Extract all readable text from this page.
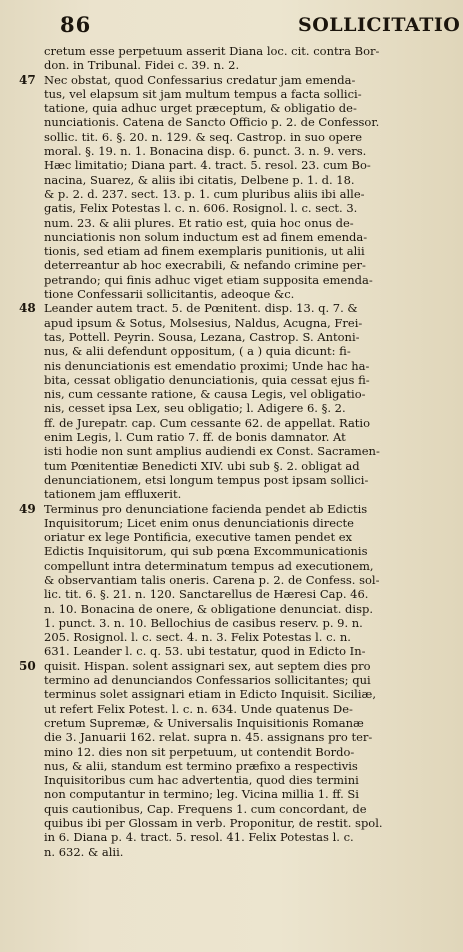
86	SOLLICITATIO
cretum esse perpetuum asserit Diana loc. cit. contra Bor-
don. in Tribunal. Fidei c. 39. n. 2.
47 Nec obstat, quod Confessarius credatur jam emenda-
tus, vel elapsum sit jam multum tempus a facta sollici-
tatione, quia adhuc urget præceptum, & obligatio de-
nunciationis. Catena de Sancto Officio p. 2. de Confessor.
sollic. tit. 6. §. 20. n. 129. & seq. Castrop. in suo opere
moral. §. 19. n. 1. Bonacina disp. 6. punct. 3. n. 9. vers.
Hæc limitatio; Diana part. 4. tract. 5. resol. 23. cum Bo-
nacina, Suarez, & aliis ibi citatis, Delbene p. 1. d. 18.
& p. 2. d. 237. sect. 13. p. 1. cum pluribus aliis ibi alle-
gatis, Felix Potestas l. c. n. 606. Rosignol. l. c. sect. 3.
num. 23. & alii plures. Et ratio est, quia hoc onus de-
nunciationis non solum inductum est ad finem emenda-
tionis, sed etiam ad finem exemplaris punitionis, ut alii
deterreantur ab hoc execrabili, & nefando crimine per-
petrando; qui finis adhuc viget etiam supposita emenda-
tione Confessarii sollicitantis, adeoque &c.
48 Leander autem tract. 5. de Pœnitent. disp. 13. q. 7. &
apud ipsum & Sotus, Molsesius, Naldus, Acugna, Frei-
tas, Pottell. Peyrin. Sousa, Lezana, Castrop. S. Antoni-
nus, & alii defendunt oppositum, ( a ) quia dicunt: fi-
nis denunciationis est emendatio proximi; Unde hac ha-
bita, cessat obligatio denunciationis, quia cessat ejus fi-
nis, cum cessante ratione, & causa Legis, vel obligatio-
nis, cesset ipsa Lex, seu obligatio; l. Adigere 6. §. 2.
ff. de Jurepatr. cap. Cum cessante 62. de appellat. Ratio
enim Legis, l. Cum ratio 7. ff. de bonis damnator. At
isti hodie non sunt amplius audiendi ex Const. Sacramen-
tum Pœnitentiæ Benedicti XIV. ubi sub §. 2. obligat ad
denunciationem, etsi longum tempus post ipsam sollici-
tationem jam effluxerit.
49 Terminus pro denunciatione facienda pendet ab Edictis
Inquisitorum; Licet enim onus denunciationis directe
oriatur ex lege Pontificia, executive tamen pendet ex
Edictis Inquisitorum, qui sub pœna Excommunicationis
compellunt intra determinatum tempus ad executionem,
& observantiam talis oneris. Carena p. 2. de Confess. sol-
lic. tit. 6. §. 21. n. 120. Sanctarellus de Hæresi Cap. 46.
n. 10. Bonacina de onere, & obligatione denunciat. disp.
1. punct. 3. n. 10. Bellochius de casibus reserv. p. 9. n.
205. Rosignol. l. c. sect. 4. n. 3. Felix Potestas l. c. n.
631. Leander l. c. q. 53. ubi testatur, quod in Edicto In-
50 quisit. Hispan. solent assignari sex, aut septem dies pro
termino ad denunciandos Confessarios sollicitantes; qui
terminus solet assignari etiam in Edicto Inquisit. Siciliæ,
ut refert Felix Potest. l. c. n. 634. Unde quatenus De-
cretum Supremæ, & Universalis Inquisitionis Romanæ
die 3. Januarii 162. relat. supra n. 45. assignans pro ter-
mino 12. dies non sit perpetuum, ut contendit Bordo-
nus, & alii, standum est termino præfixo a respectivis
Inquisitoribus cum hac advertentia, quod dies termini
non computantur in termino; leg. Vicina millia 1. ff. Si
quis cautionibus, Cap. Frequens 1. cum concordant, de
quibus ibi per Glossam in verb. Proponitur, de restit. spol.
in 6. Diana p. 4. tract. 5. resol. 41. Felix Potestas l. c.
n. 632. & alii.
